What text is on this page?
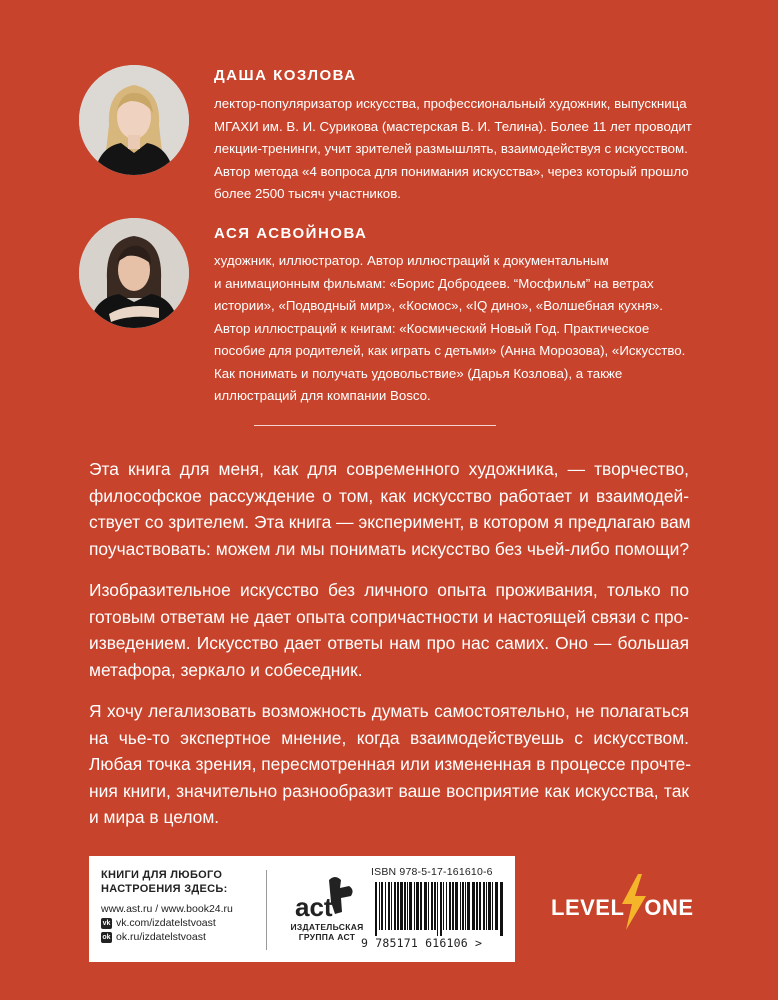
ДАША КОЗЛОВА
лектор-популяризатор искусства, профессиональный художник, выпускница
МГАХИ им. В. И. Сурикова (мастерская В. И. Телина). Более 11 лет проводит
лекции-тренинги, учит зрителей размышлять, взаимодействуя с искусством.
Автор метода «4 вопроса для понимания искусства», через который прошло
более 2500 тысяч участников.
АСЯ АСВОЙНОВА
художник, иллюстратор. Автор иллюстраций к документальным
и анимационным фильмам: «Борис Добродеев. “Мосфильм” на ветрах
истории», «Подводный мир», «Космос», «IQ дино», «Волшебная кухня».
Автор иллюстраций к книгам: «Космический Новый Год. Практическое
пособие для родителей, как играть с детьми» (Анна Морозова), «Искусство.
Как понимать и получать удовольствие» (Дарья Козлова), а также
иллюстраций для компании Bosco.

Эта книга для меня, как для современного художника, — творчество,
философское рассуждение о том, как искусство работает и взаимодей-
ствует со зрителем. Эта книга — эксперимент, в котором я предлагаю вам
поучаствовать: можем ли мы понимать искусство без чьей-либо помощи?

Изобразительное искусство без личного опыта проживания, только по
готовым ответам не дает опыта сопричастности и настоящей связи с про-
изведением. Искусство дает ответы нам про нас самих. Оно — большая
метафора, зеркало и собеседник.

Я хочу легализовать возможность думать самостоятельно, не полагаться
на чье-то экспертное мнение, когда взаимодействуешь с искусством.
Любая точка зрения, пересмотренная или измененная в процессе прочте-
ния книги, значительно разнообразит ваше восприятие как искусства, так
и мира в целом.

КНИГИ ДЛЯ ЛЮБОГО
НАСТРОЕНИЯ ЗДЕСЬ:
www.ast.ru / www.book24.ru
vk vk.com/izdatelstvoast
ok ok.ru/izdatelstvoast
act
ИЗДАТЕЛЬСКАЯ
ГРУППА АСТ
ISBN 978-5-17-161610-6
9 785171 616106 >
LEVEL ONE
